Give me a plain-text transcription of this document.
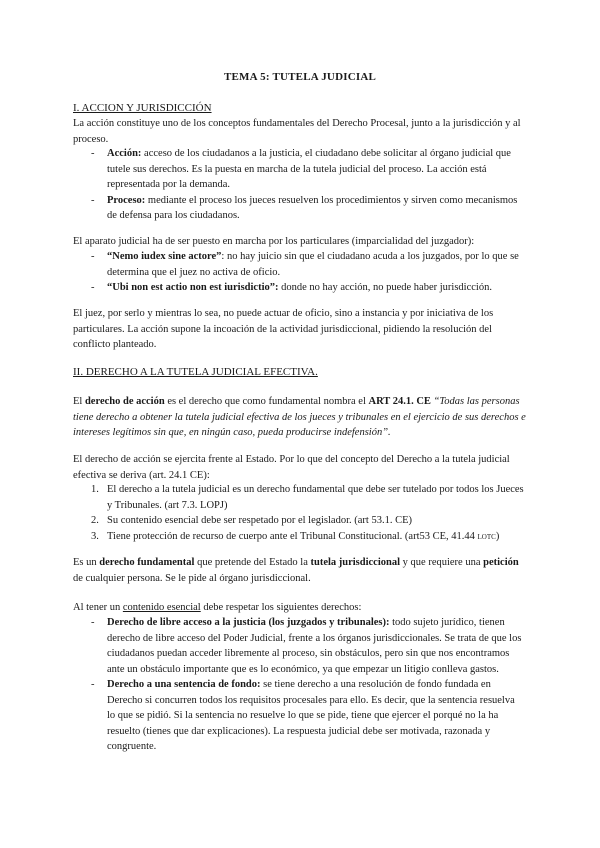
TEMA 5: TUTELA JUDICIAL

I. ACCION Y JURISDICCIÓN

La acción constituye uno de los conceptos fundamentales del Derecho Procesal, junto a la jurisdicción y al proceso.

- Acción: acceso de los ciudadanos a la justicia, el ciudadano debe solicitar al órgano judicial que tutele sus derechos. Es la puesta en marcha de la tutela judicial del proceso. La acción está representada por la demanda.
- Proceso: mediante el proceso los jueces resuelven los procedimientos y sirven como mecanismos de defensa para los ciudadanos.

El aparato judicial ha de ser puesto en marcha por los particulares (imparcialidad del juzgador):

- “Nemo iudex sine actore”: no hay juicio sin que el ciudadano acuda a los juzgados, por lo que se determina que el juez no activa de oficio.
- “Ubi non est actio non est iurisdictio”: donde no hay acción, no puede haber jurisdicción.

El juez, por serlo y mientras lo sea, no puede actuar de oficio, sino a instancia y por iniciativa de los particulares. La acción supone la incoación de la actividad jurisdiccional, pidiendo la resolución del conflicto planteado.

II. DERECHO A LA TUTELA JUDICIAL EFECTIVA.

El derecho de acción es el derecho que como fundamental nombra el ART 24.1. CE “Todas las personas tiene derecho a obtener la tutela judicial efectiva de los jueces y tribunales en el ejercicio de sus derechos e intereses legítimos sin que, en ningún caso, pueda producirse indefensión”.

El derecho de acción se ejercita frente al Estado. Por lo que del concepto del Derecho a la tutela judicial efectiva se deriva (art. 24.1 CE):

1. El derecho a la tutela judicial es un derecho fundamental que debe ser tutelado por todos los Jueces y Tribunales. (art 7.3. LOPJ)
2. Su contenido esencial debe ser respetado por el legislador. (art 53.1. CE)
3. Tiene protección de recurso de cuerpo ante el Tribunal Constitucional. (art53 CE, 41.44 LOTC)

Es un derecho fundamental que pretende del Estado la tutela jurisdiccional y que requiere una petición de cualquier persona. Se le pide al órgano jurisdiccional.

Al tener un contenido esencial debe respetar los siguientes derechos:

- Derecho de libre acceso a la justicia (los juzgados y tribunales): todo sujeto jurídico, tienen derecho de libre acceso del Poder Judicial, frente a los órganos jurisdiccionales. Se trata de que los ciudadanos puedan acceder libremente al proceso, sin obstáculos, pero sin que nos encontramos ante un obstáculo importante que es lo económico, ya que empezar un litigio conlleva gastos.
- Derecho a una sentencia de fondo: se tiene derecho a una resolución de fondo fundada en Derecho si concurren todos los requisitos procesales para ello. Es decir, que la sentencia resuelva lo que se pidió. Si la sentencia no resuelve lo que se pide, tiene que ejercer el porqué no la ha resuelto (tienes que dar explicaciones). La respuesta judicial debe ser motivada, razonada y congruente.
